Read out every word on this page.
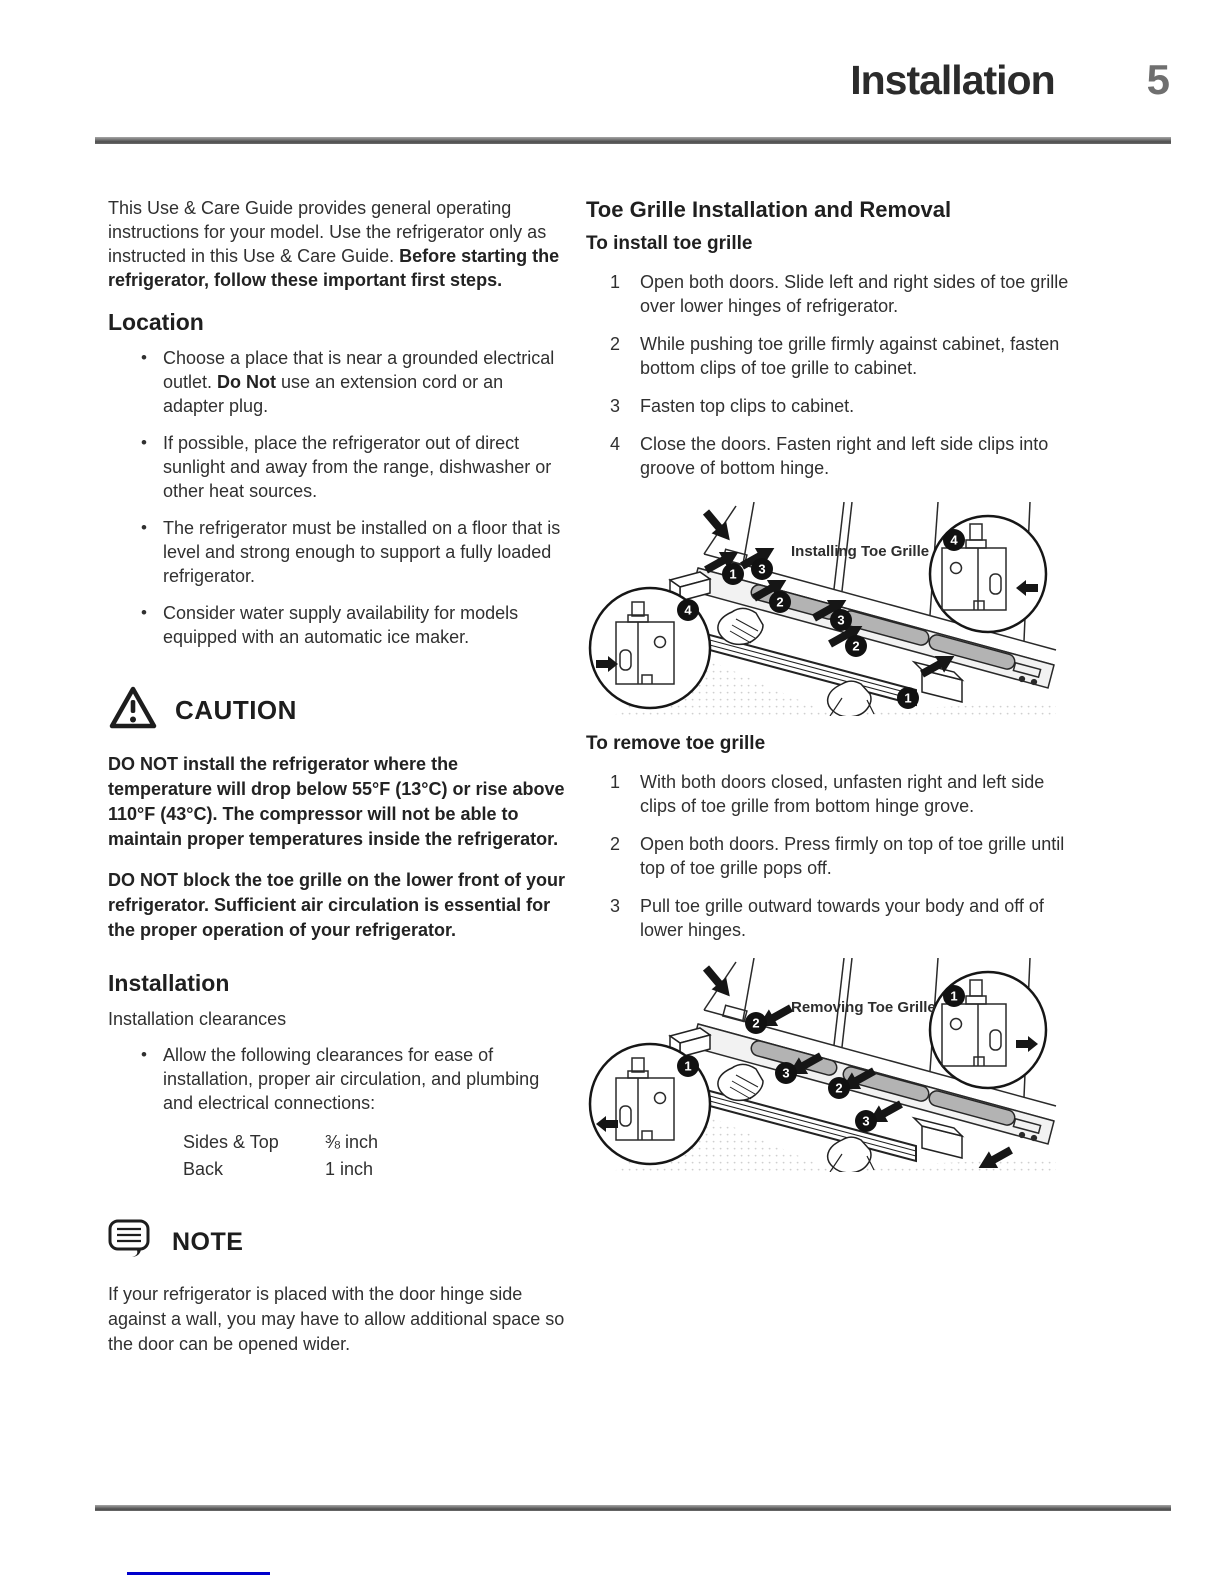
Installation 5

This Use & Care Guide provides general operating instructions for your model. Use the refrigerator only as instructed in this Use & Care Guide. Before starting the refrigerator, follow these important first steps.

Location
• Choose a place that is near a grounded electrical outlet. Do Not use an extension cord or an adapter plug.
• If possible, place the refrigerator out of direct sunlight and away from the range, dishwasher or other heat sources.
• The refrigerator must be installed on a floor that is level and strong enough to support a fully loaded refrigerator.
• Consider water supply availability for models equipped with an automatic ice maker.
CAUTION

DO NOT install the refrigerator where the temperature will drop below 55°F (13°C) or rise above 110°F (43°C). The compressor will not be able to maintain proper temperatures inside the refrigerator.

DO NOT block the toe grille on the lower front of your refrigerator. Sufficient air circulation is essential for the proper operation of your refrigerator.

Installation

Installation clearances

• Allow the following clearances for ease of installation, proper air circulation, and plumbing and electrical connections:
Sides & Top	⅜ inch
Back	1 inch
NOTE

If your refrigerator is placed with the door hinge side against a wall, you may have to allow additional space so the door can be opened wider.

Toe Grille Installation and Removal
To install toe grille
1	Open both doors. Slide left and right sides of toe grille over lower hinges of refrigerator.
2	While pushing toe grille firmly against cabinet, fasten bottom clips of toe grille to cabinet.
3	Fasten top clips to cabinet.
4	Close the doors. Fasten right and left side clips into groove of bottom hinge.
4
4
1 3
2
3
2
1
Installing Toe Grille
To remove toe grille
1	With both doors closed, unfasten right and left side clips of toe grille from bottom hinge grove.
2	Open both doors. Press firmly on top of toe grille until top of toe grille pops off.
3	Pull toe grille outward towards your body and off of lower hinges.
1
1
2
3
2
3
Removing Toe Grille
